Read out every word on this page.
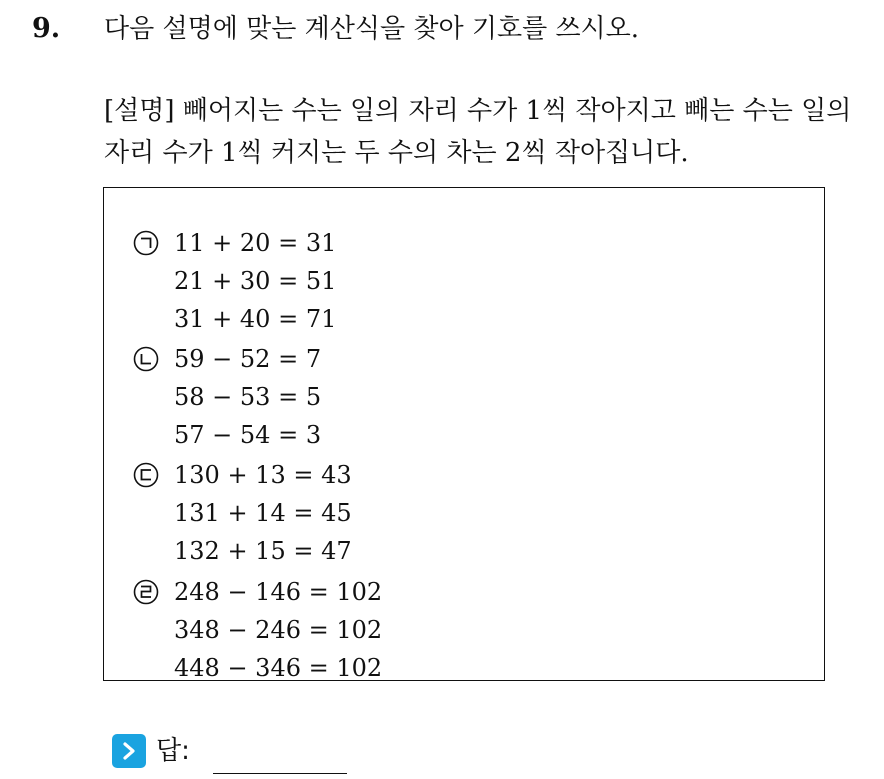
9. 다음 설명에 맞는 계산식을 찾아 기호를 쓰시오.
[설명] 빼어지는 수는 일의 자리 수가 1씩 작아지고 빼는 수는 일의
자리 수가 1씩 커지는 두 수의 차는 2씩 작아집니다.
11 + 20 = 31
21 + 30 = 51
31 + 40 = 71
59 − 52 = 7
58 − 53 = 5
57 − 54 = 3
130 + 13 = 43
131 + 14 = 45
132 + 15 = 47
248 − 146 = 102
348 − 246 = 102
448 − 346 = 102
답:
